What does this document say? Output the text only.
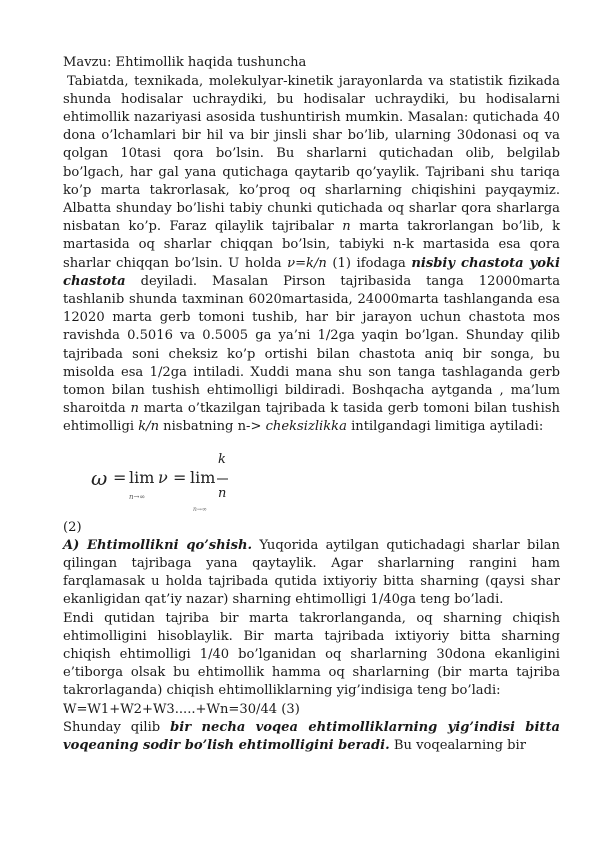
Mavzu: Ehtimollik haqida tushuncha

Tabiatda, texnikada, molekulyar-kinetik jarayonlarda va statistik fizikada shunda hodisalar uchraydiki, bu hodisalar uchraydiki, bu hodisalarni ehtimollik nazariyasi asosida tushuntirish mumkin. Masalan: qutichada 40 dona o’lchamlari bir hil va bir jinsli shar bo’lib, ularning 30donasi oq va qolgan 10tasi qora bo’lsin. Bu sharlarni qutichadan olib, belgilab bo’lgach, har gal yana qutichaga qaytarib qo’yaylik. Tajribani shu tariqa ko’p marta takrorlasak, ko’proq oq sharlarning chiqishini payqaymiz. Albatta shunday bo’lishi tabiy chunki qutichada oq sharlar qora sharlarga nisbatan ko’p. Faraz qilaylik tajribalar n marta takrorlangan bo’lib, k martasida oq sharlar chiqqan bo’lsin, tabiyki n-k martasida esa qora sharlar chiqqan bo’lsin. U holda ν=k/n (1) ifodaga nisbiy chastota yoki chastota deyiladi. Masalan Pirson tajribasida tanga 12000marta tashlanib shunda taxminan 6020martasida, 24000marta tashlanganda esa 12020 marta gerb tomoni tushib, har bir jarayon uchun chastota mos ravishda 0.5016 va 0.5005 ga ya’ni 1/2ga yaqin bo’lgan. Shunday qilib tajribada soni cheksiz ko’p ortishi bilan chastota aniq bir songa, bu misolda esa 1/2ga intiladi. Xuddi mana shu son tanga tashlaganda gerb tomon bilan tushish ehtimolligi bildiradi. Boshqacha aytganda , ma’lum sharoitda n marta o’tkazilgan tajribada k tasida gerb tomoni bilan tushish ehtimolligi k/n nisbatning n-> cheksizlikka intilgandagi limitiga aytiladi:

ω = lim ν
n→∞
= lim
k
n
n→∞

(2)

A) Ehtimollikni qo’shish. Yuqorida aytilgan qutichadagi sharlar bilan qilingan tajribaga yana qaytaylik. Agar sharlarning rangini ham farqlamasak u holda tajribada qutida ixtiyoriy bitta sharning (qaysi shar ekanligidan qat’iy nazar) sharning ehtimolligi 1/40ga teng bo’ladi.

Endi qutidan tajriba bir marta takrorlanganda, oq sharning chiqish ehtimolligini hisoblaylik. Bir marta tajribada ixtiyoriy bitta sharning chiqish ehtimolligi 1/40 bo’lganidan oq sharlarning 30dona ekanligini e’tiborga olsak bu ehtimollik hamma oq sharlarning (bir marta tajriba takrorlaganda) chiqish ehtimolliklarning yig’indisiga teng bo’ladi:

W=W1+W2+W3.....+Wn=30/44 (3)

Shunday qilib bir necha voqea ehtimolliklarning yig’indisi bitta voqeaning sodir bo’lish ehtimolligini beradi. Bu voqealarning bir
